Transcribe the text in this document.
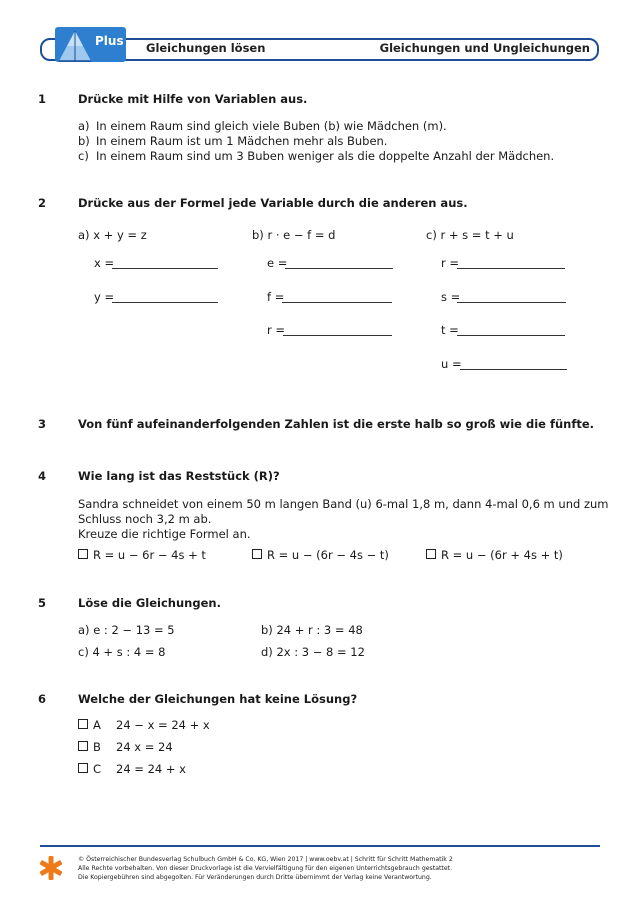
Plus Gleichungen lösen	Gleichungen und Ungleichungen
1	Drücke mit Hilfe von Variablen aus.
a) In einem Raum sind gleich viele Buben (b) wie Mädchen (m).
b) In einem Raum ist um 1 Mädchen mehr als Buben.
c) In einem Raum sind um 3 Buben weniger als die doppelte Anzahl der Mädchen.
2	Drücke aus der Formel jede Variable durch die anderen aus.
a) x + y = z
x =
y =
b) r · e − f = d
e =
f =
r =
c) r + s = t + u
r =
s =
t =
u =
3	Von fünf aufeinanderfolgenden Zahlen ist die erste halb so groß wie die fünfte.
4	Wie lang ist das Reststück (R)?
Sandra schneidet von einem 50 m langen Band (u) 6-mal 1,8 m, dann 4-mal 0,6 m und zum
Schluss noch 3,2 m ab.
Kreuze die richtige Formel an.
R = u − 6r − 4s + t	R = u − (6r − 4s − t)	R = u − (6r + 4s + t)
5	Löse die Gleichungen.
a) e : 2 − 13 = 5	b) 24 + r : 3 = 48
c) 4 + s : 4 = 8	d) 2x : 3 − 8 = 12
6	Welche der Gleichungen hat keine Lösung?
A 24 − x = 24 + x
B 24 x = 24
C 24 = 24 + x
© Österreichischer Bundesverlag Schulbuch GmbH & Co. KG, Wien 2017 | www.oebv.at | Schritt für Schritt Mathematik 2
Alle Rechte vorbehalten. Von dieser Druckvorlage ist die Vervielfältigung für den eigenen Unterrichtsgebrauch gestattet.
Die Kopiergebühren sind abgegolten. Für Veränderungen durch Dritte übernimmt der Verlag keine Verantwortung.
